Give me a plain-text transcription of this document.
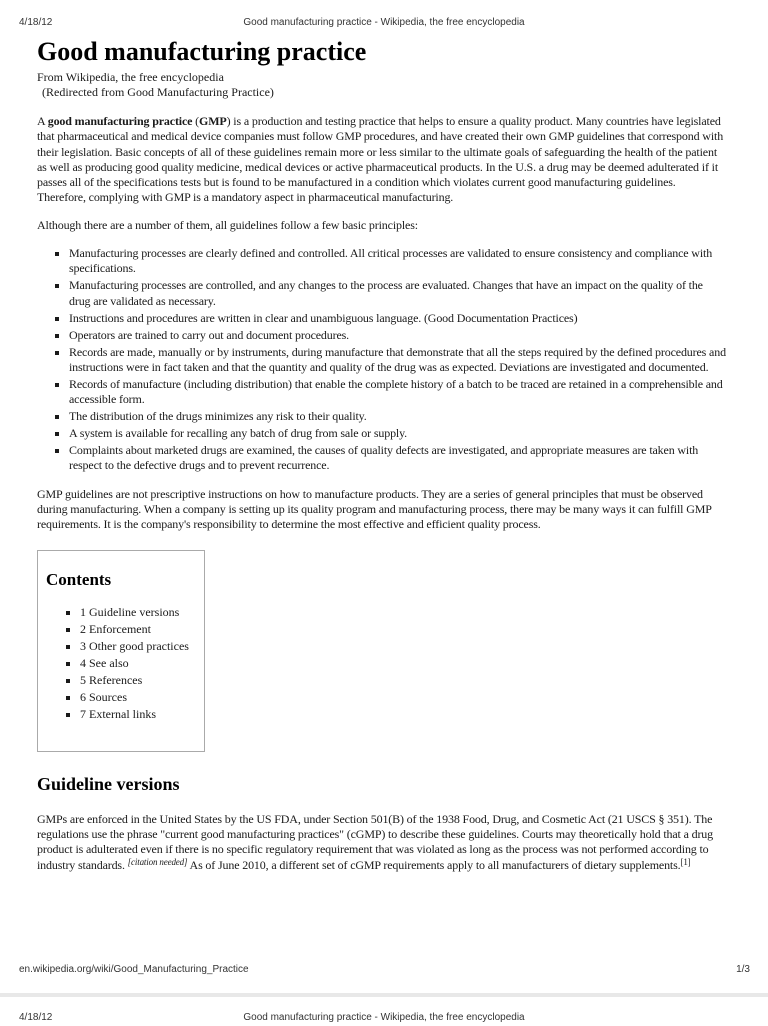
4/18/12	Good manufacturing practice - Wikipedia, the free encyclopedia
Good manufacturing practice
From Wikipedia, the free encyclopedia
(Redirected from Good Manufacturing Practice)

A good manufacturing practice (GMP) is a production and testing practice that helps to ensure a quality product. Many countries have legislated that pharmaceutical and medical device companies must follow GMP procedures, and have created their own GMP guidelines that correspond with their legislation. Basic concepts of all of these guidelines remain more or less similar to the ultimate goals of safeguarding the health of the patient as well as producing good quality medicine, medical devices or active pharmaceutical products. In the U.S. a drug may be deemed adulterated if it passes all of the specifications tests but is found to be manufactured in a condition which violates current good manufacturing guidelines. Therefore, complying with GMP is a mandatory aspect in pharmaceutical manufacturing.

Although there are a number of them, all guidelines follow a few basic principles:

▪ Manufacturing processes are clearly defined and controlled. All critical processes are validated to ensure consistency and compliance with specifications.
▪ Manufacturing processes are controlled, and any changes to the process are evaluated. Changes that have an impact on the quality of the drug are validated as necessary.
▪ Instructions and procedures are written in clear and unambiguous language. (Good Documentation Practices)
▪ Operators are trained to carry out and document procedures.
▪ Records are made, manually or by instruments, during manufacture that demonstrate that all the steps required by the defined procedures and instructions were in fact taken and that the quantity and quality of the drug was as expected. Deviations are investigated and documented.
▪ Records of manufacture (including distribution) that enable the complete history of a batch to be traced are retained in a comprehensible and accessible form.
▪ The distribution of the drugs minimizes any risk to their quality.
▪ A system is available for recalling any batch of drug from sale or supply.
▪ Complaints about marketed drugs are examined, the causes of quality defects are investigated, and appropriate measures are taken with respect to the defective drugs and to prevent recurrence.

GMP guidelines are not prescriptive instructions on how to manufacture products. They are a series of general principles that must be observed during manufacturing. When a company is setting up its quality program and manufacturing process, there may be many ways it can fulfill GMP requirements. It is the company's responsibility to determine the most effective and efficient quality process.

Contents
▪ 1 Guideline versions
▪ 2 Enforcement
▪ 3 Other good practices
▪ 4 See also
▪ 5 References
▪ 6 Sources
▪ 7 External links
Guideline versions

GMPs are enforced in the United States by the US FDA, under Section 501(B) of the 1938 Food, Drug, and Cosmetic Act (21 USCS § 351). The regulations use the phrase "current good manufacturing practices" (cGMP) to describe these guidelines. Courts may theoretically hold that a drug product is adulterated even if there is no specific regulatory requirement that was violated as long as the process was not performed according to industry standards. [citation needed] As of June 2010, a different set of cGMP requirements apply to all manufacturers of dietary supplements.[1]

en.wikipedia.org/wiki/Good_Manufacturing_Practice	1/3
4/18/12	Good manufacturing practice - Wikipedia, the free encyclopedia
